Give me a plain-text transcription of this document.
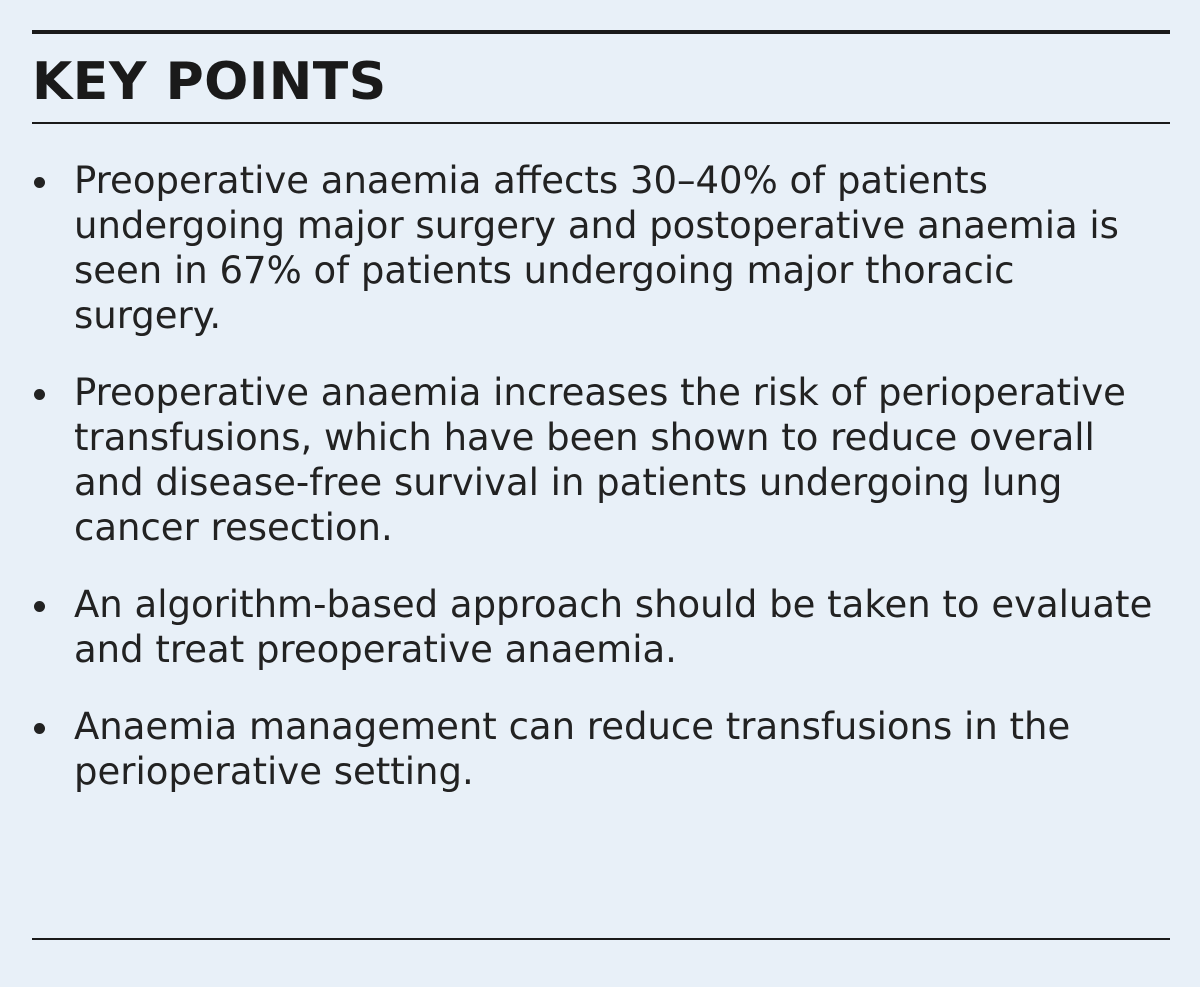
KEY POINTS
Preoperative anaemia affects 30–40% of patients undergoing major surgery and postoperative anaemia is seen in 67% of patients undergoing major thoracic surgery.
Preoperative anaemia increases the risk of perioperative transfusions, which have been shown to reduce overall and disease-free survival in patients undergoing lung cancer resection.
An algorithm-based approach should be taken to evaluate and treat preoperative anaemia.
Anaemia management can reduce transfusions in the perioperative setting.
